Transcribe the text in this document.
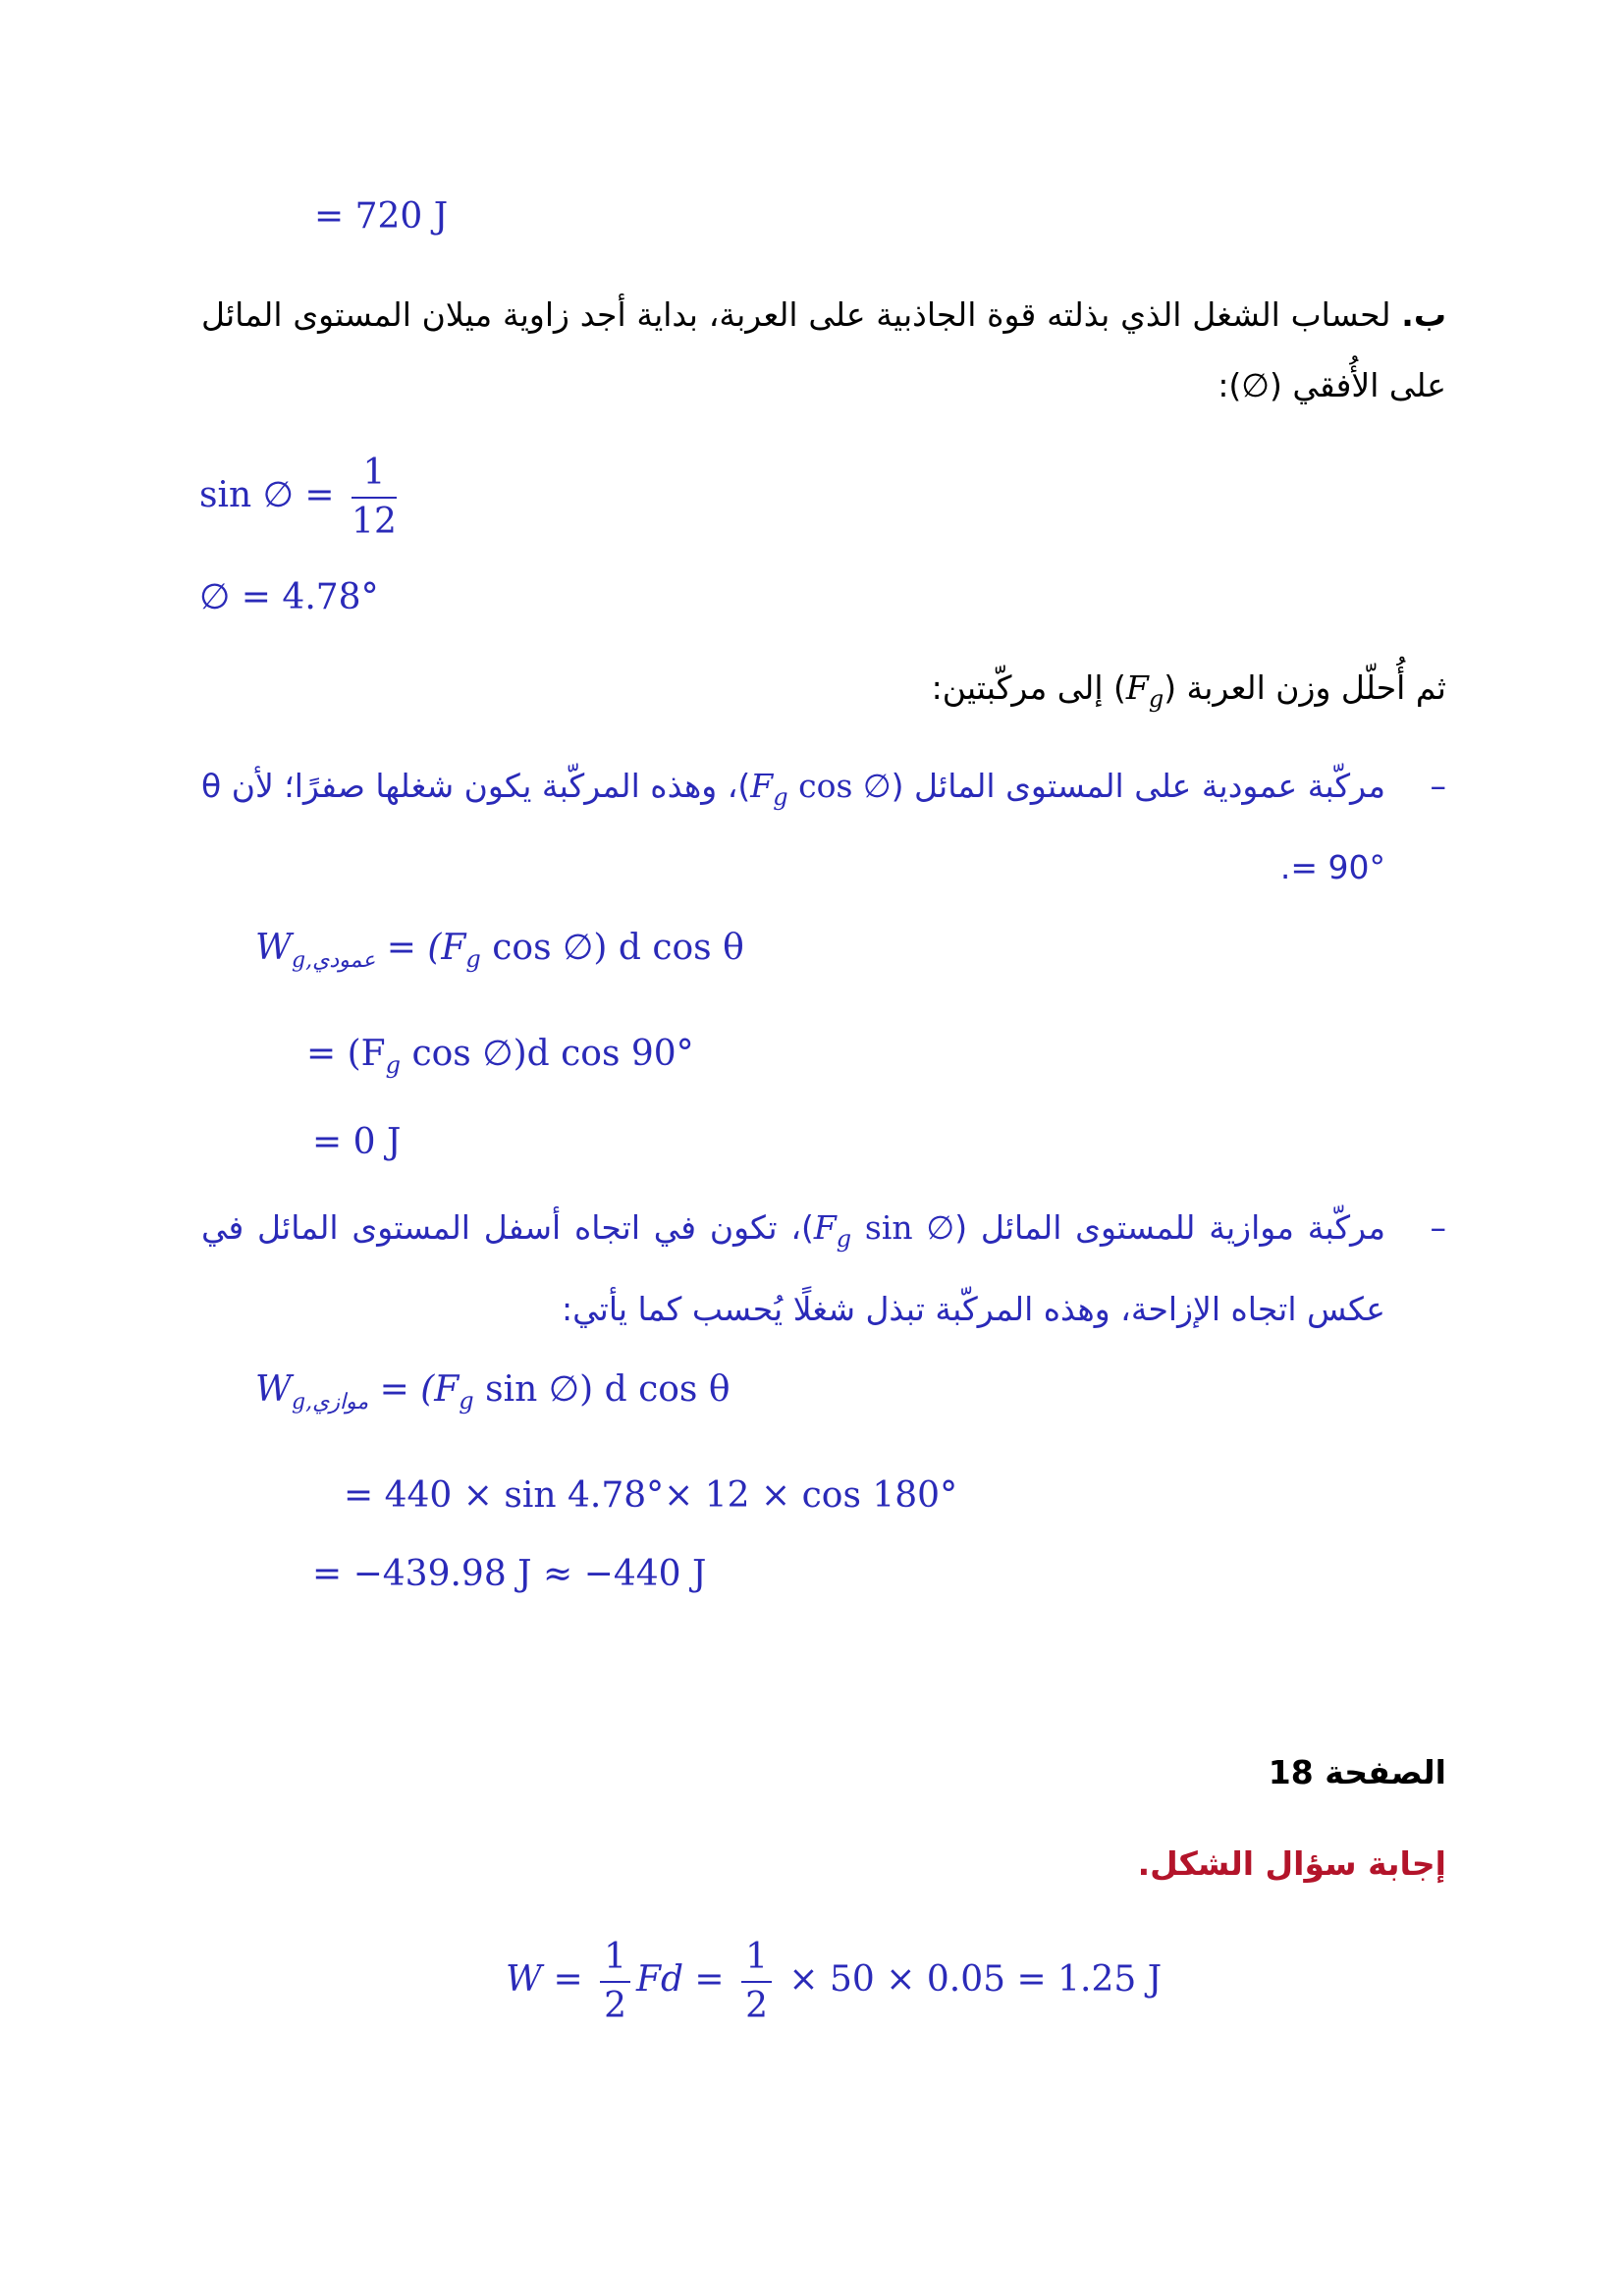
= 720 J
ب. لحساب الشغل الذي بذلته قوة الجاذبية على العربة، بداية أجد زاوية ميلان المستوى المائل على الأُفقي (∅):
sin ∅ = $\frac{1}{12}$
∅ = 4.78°
ثم أُحلّل وزن العربة $(F_g)$ إلى مركّبتين:
–
مركّبة عمودية على المستوى المائل ($F_g$ cos ∅)، وهذه المركّبة يكون شغلها صفرًا؛ لأن θ = 90°.
$W_{g,عمودي} = (F_g$ cos ∅) d cos θ
= ($F_g$ cos ∅)d cos 90°
= 0 J
–
مركّبة موازية للمستوى المائل ($F_g$ sin ∅)، تكون في اتجاه أسفل المستوى المائل في عكس اتجاه الإزاحة، وهذه المركّبة تبذل شغلًا يُحسب كما يأتي:
$W_{g,موازي} = (F_g$ sin ∅) d cos θ
= 440 × sin 4.78°× 12 × cos 180°
= −439.98 J ≈ −440 J
الصفحة 18
إجابة سؤال الشكل.
$W = \frac{1}{2}$ $Fd = \frac{1}{2} \times 50 \times 0.05 = 1.25$ J
